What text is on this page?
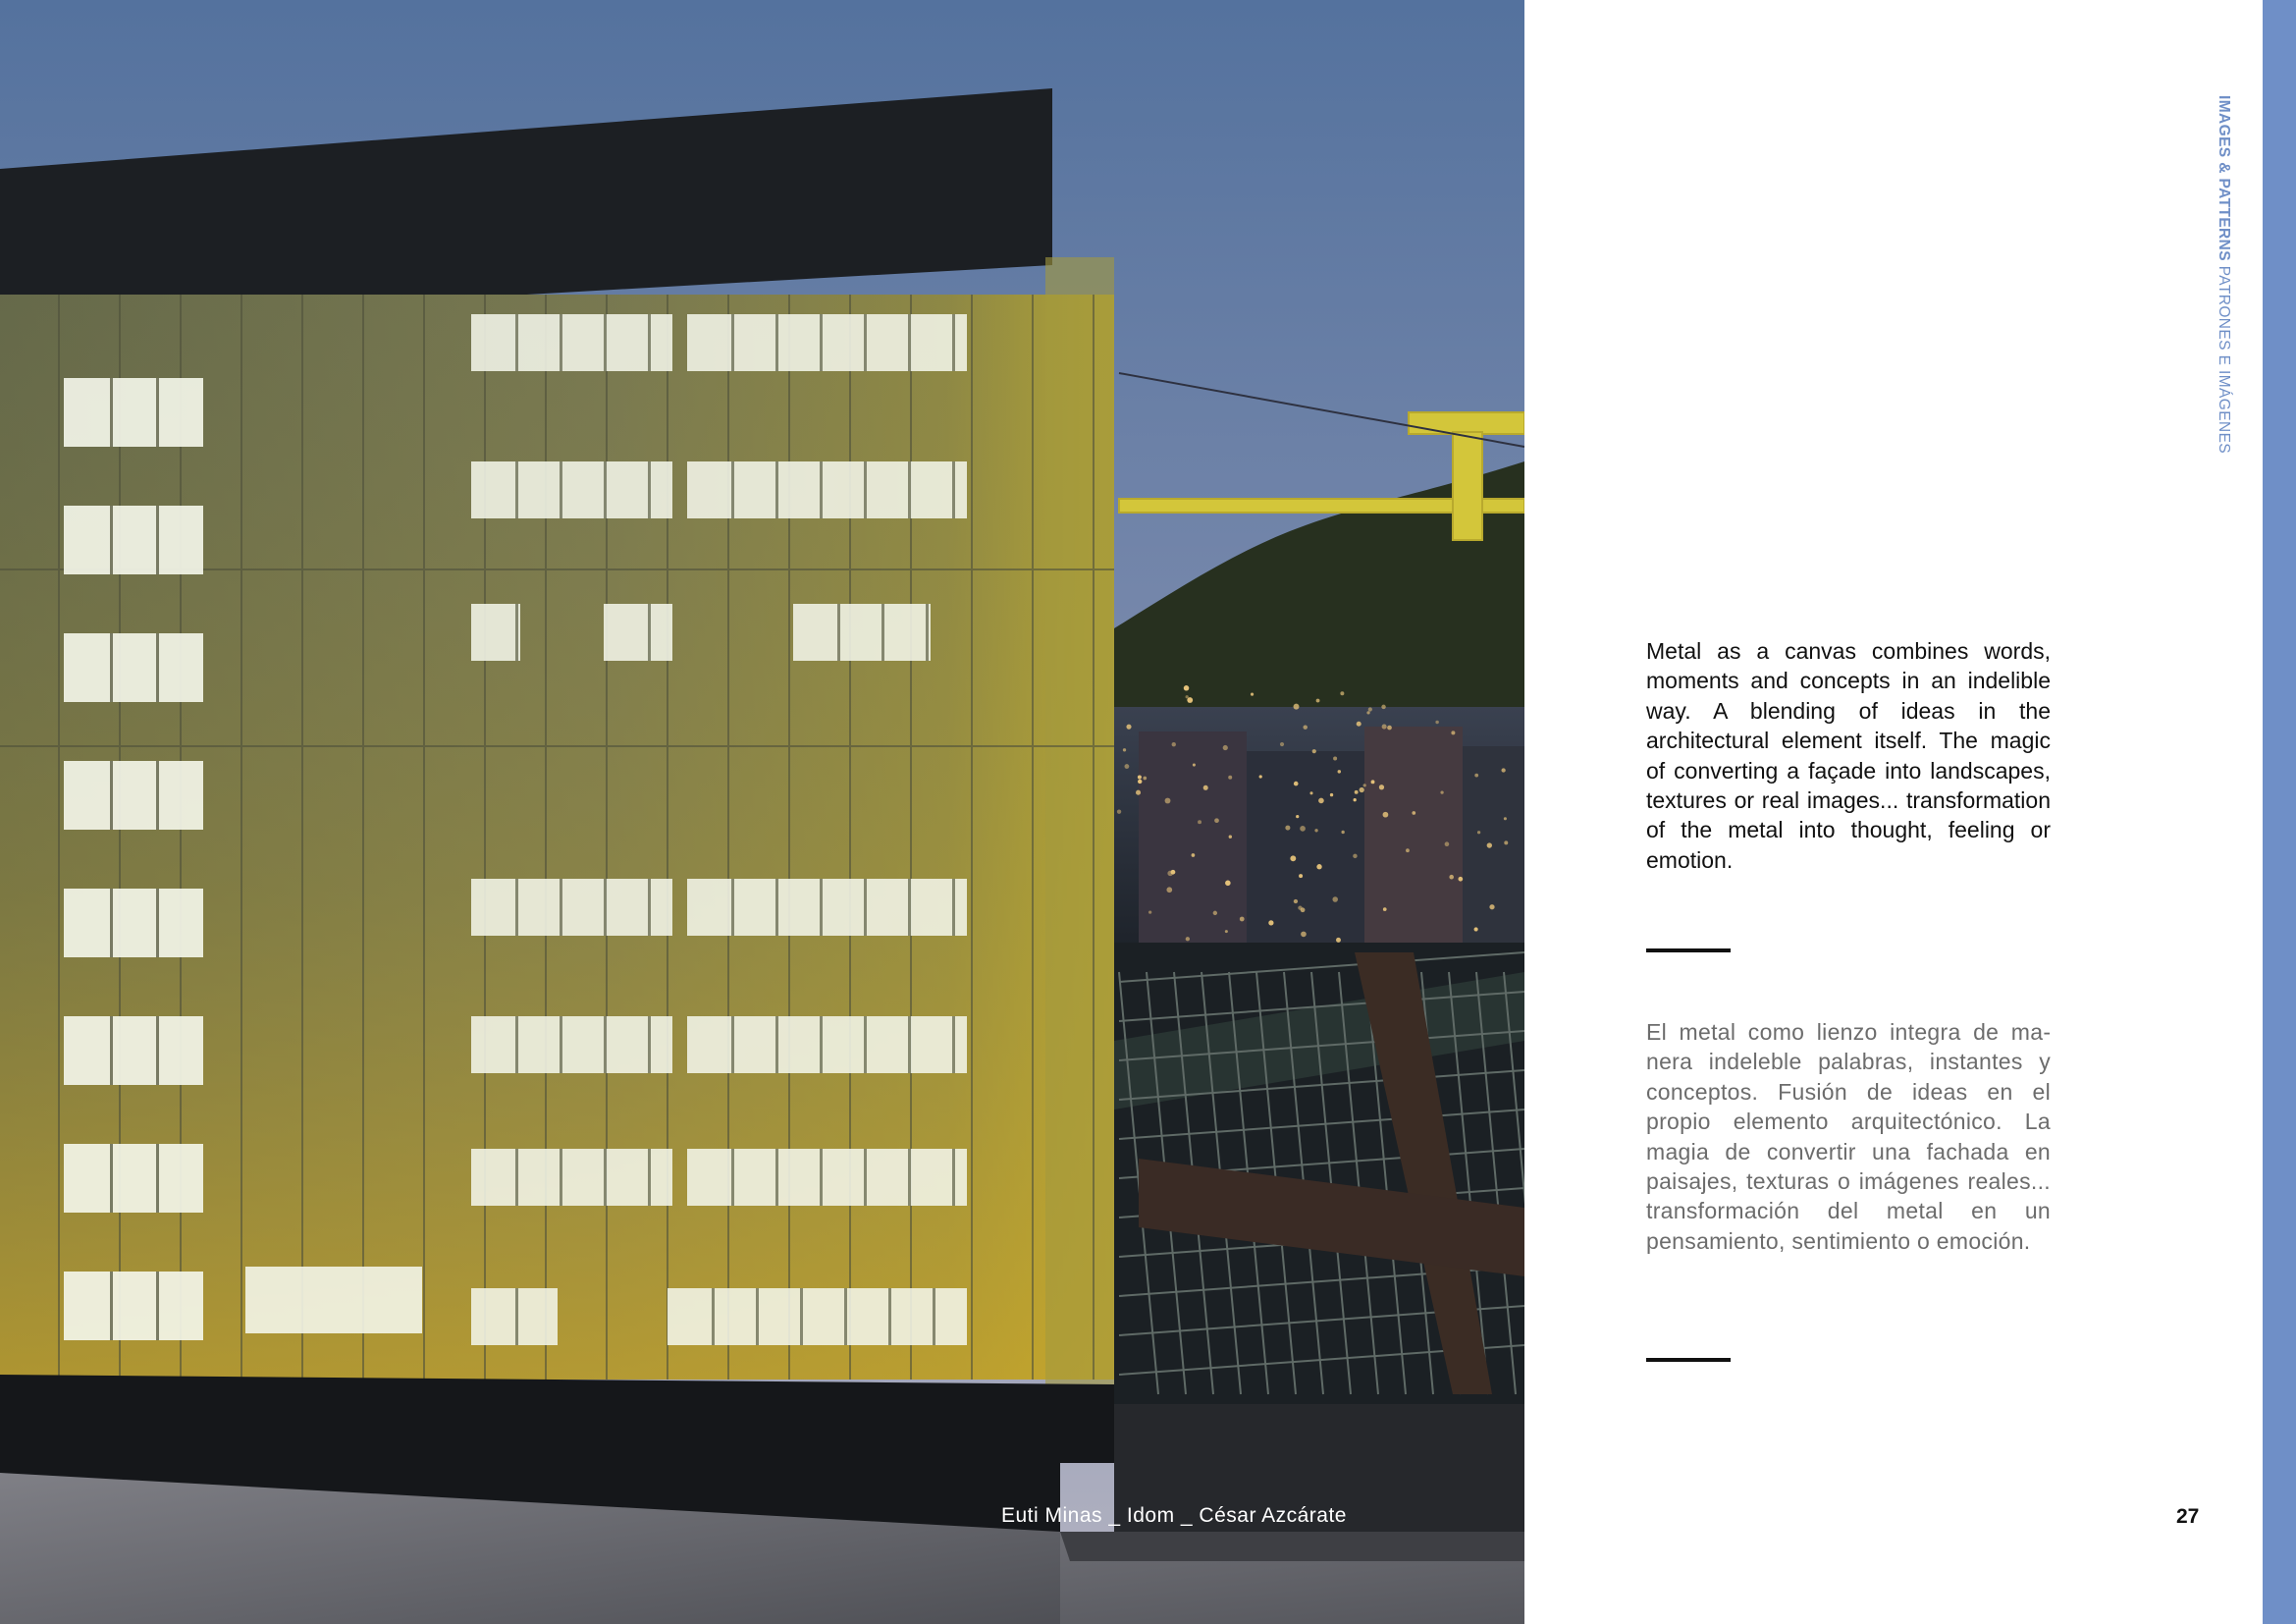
Euti Minas _ Idom _ César Azcárate

Metal as a canvas combines words, moments and concepts in an indelible way. A blending of ideas in the architectural element itself. The magic of converting a façade into landscapes, textures or real images... transformation of the metal into thought, feeling or emotion.

El metal como lienzo integra de manera indeleble palabras, instantes y conceptos. Fusión de ideas en el propio elemento arquitectónico. La magia de convertir una fachada en paisajes, texturas o imágenes reales... transformación del metal en un pensamiento, sentimiento o emoción.

27
IMAGES & PATTERNS PATRONES E IMÁGENES
